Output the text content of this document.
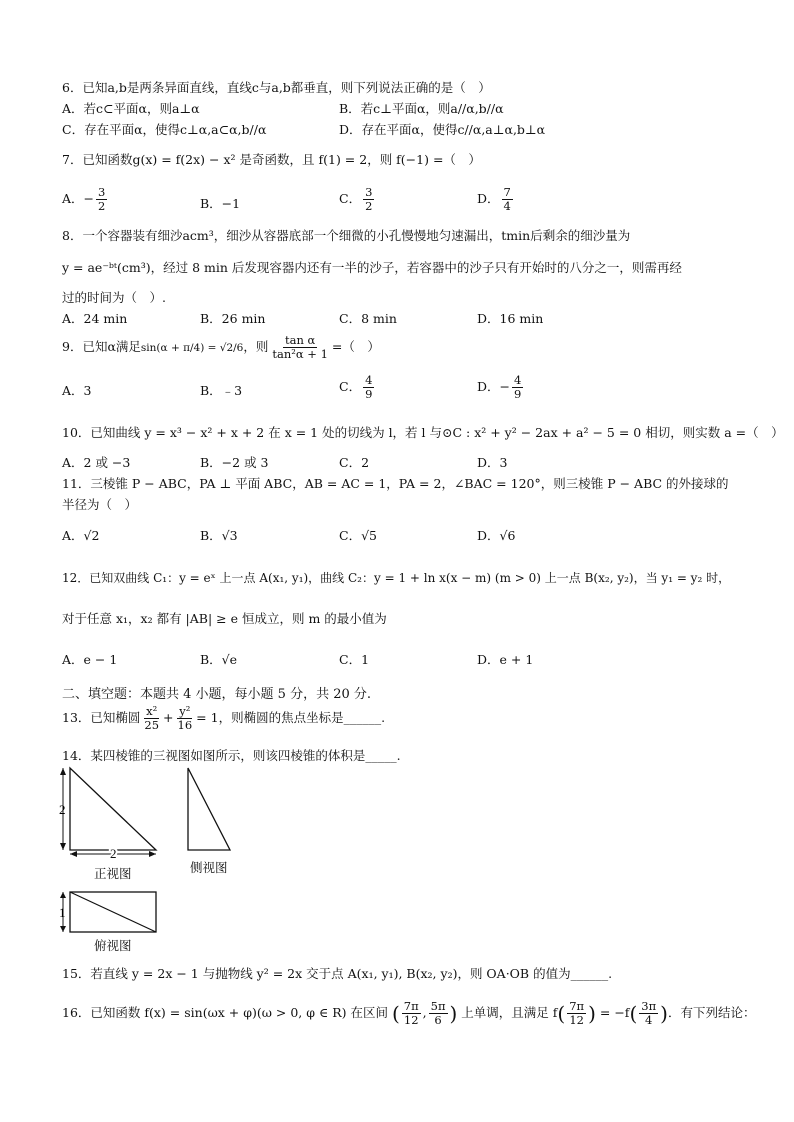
6．已知a,b是两条异面直线，直线c与a,b都垂直，则下列说法正确的是（　）
A．若c⊂平面α，则a⊥α	B．若c⊥平面α，则a//α,b//α
C．存在平面α，使得c⊥α,a⊂α,b//α	D．存在平面α，使得c//α,a⊥α,b⊥α
7．已知函数g(x) = f(2x) − x² 是奇函数，且 f(1) = 2，则 f(−1) =（　）
A．− $\frac{3}{2}$	B．−1	C． $\frac{3}{2}$	D． $\frac{7}{4}$
8．一个容器装有细沙acm³，细沙从容器底部一个细微的小孔慢慢地匀速漏出，tmin后剩余的细沙量为
y = ae⁻ᵇᵗ(cm³)，经过 8 min 后发现容器内还有一半的沙子，若容器中的沙子只有开始时的八分之一，则需再经
过的时间为（　）.
A．24 min	B．26 min	C．8 min	D．16 min
9．已知α满足sin(α + π/4) = √2/6，则 $\frac{\text{tan α}}{\text{tan²α + 1}}$ =（　）
A．3	B．﹣3	C． $\frac{4}{9}$	D．− $\frac{4}{9}$
10．已知曲线 y = x³ − x² + x + 2 在 x = 1 处的切线为 l，若 l 与⊙C : x² + y² − 2ax + a² − 5 = 0 相切，则实数 a =（　）
A．2 或 −3	B．−2 或 3	C．2	D．3
11．三棱锥 P − ABC，PA ⊥ 平面 ABC，AB = AC = 1，PA = 2，∠BAC = 120°，则三棱锥 P − ABC 的外接球的
半径为（　）
A．√2	B．√3	C．√5	D．√6
12．已知双曲线 C₁：y = eˣ 上一点 A(x₁, y₁)，曲线 C₂：y = 1 + ln x(x − m) (m > 0) 上一点 B(x₂, y₂)，当 y₁ = y₂ 时，
对于任意 x₁，x₂ 都有 |AB| ≥ e 恒成立，则 m 的最小值为
A．e − 1	B．√e	C．1	D．e + 1
二、填空题：本题共 4 小题，每小题 5 分，共 20 分.
13．已知椭圆 $\frac{\text{x²}}{25} + \frac{\text{y²}}{16} = 1$，则椭圆的焦点坐标是______.
14．某四棱锥的三视图如图所示，则该四棱锥的体积是_____.
2
2
正视图	侧视图
1
俯视图
15．若直线 y = 2x − 1 与抛物线 y² = 2x 交于点 A(x₁, y₁), B(x₂, y₂)，则 OA·OB 的值为______.
16．已知函数 f(x) = sin(ωx + φ)(ω > 0, φ ∈ R) 在区间 ( $\frac{7\pi}{12}$ , $\frac{5\pi}{6}$ ) 上单调，且满足 $f( \frac{7\pi}{12}$ ) = $-f( \frac{3\pi}{4}$ )．有下列结论：
